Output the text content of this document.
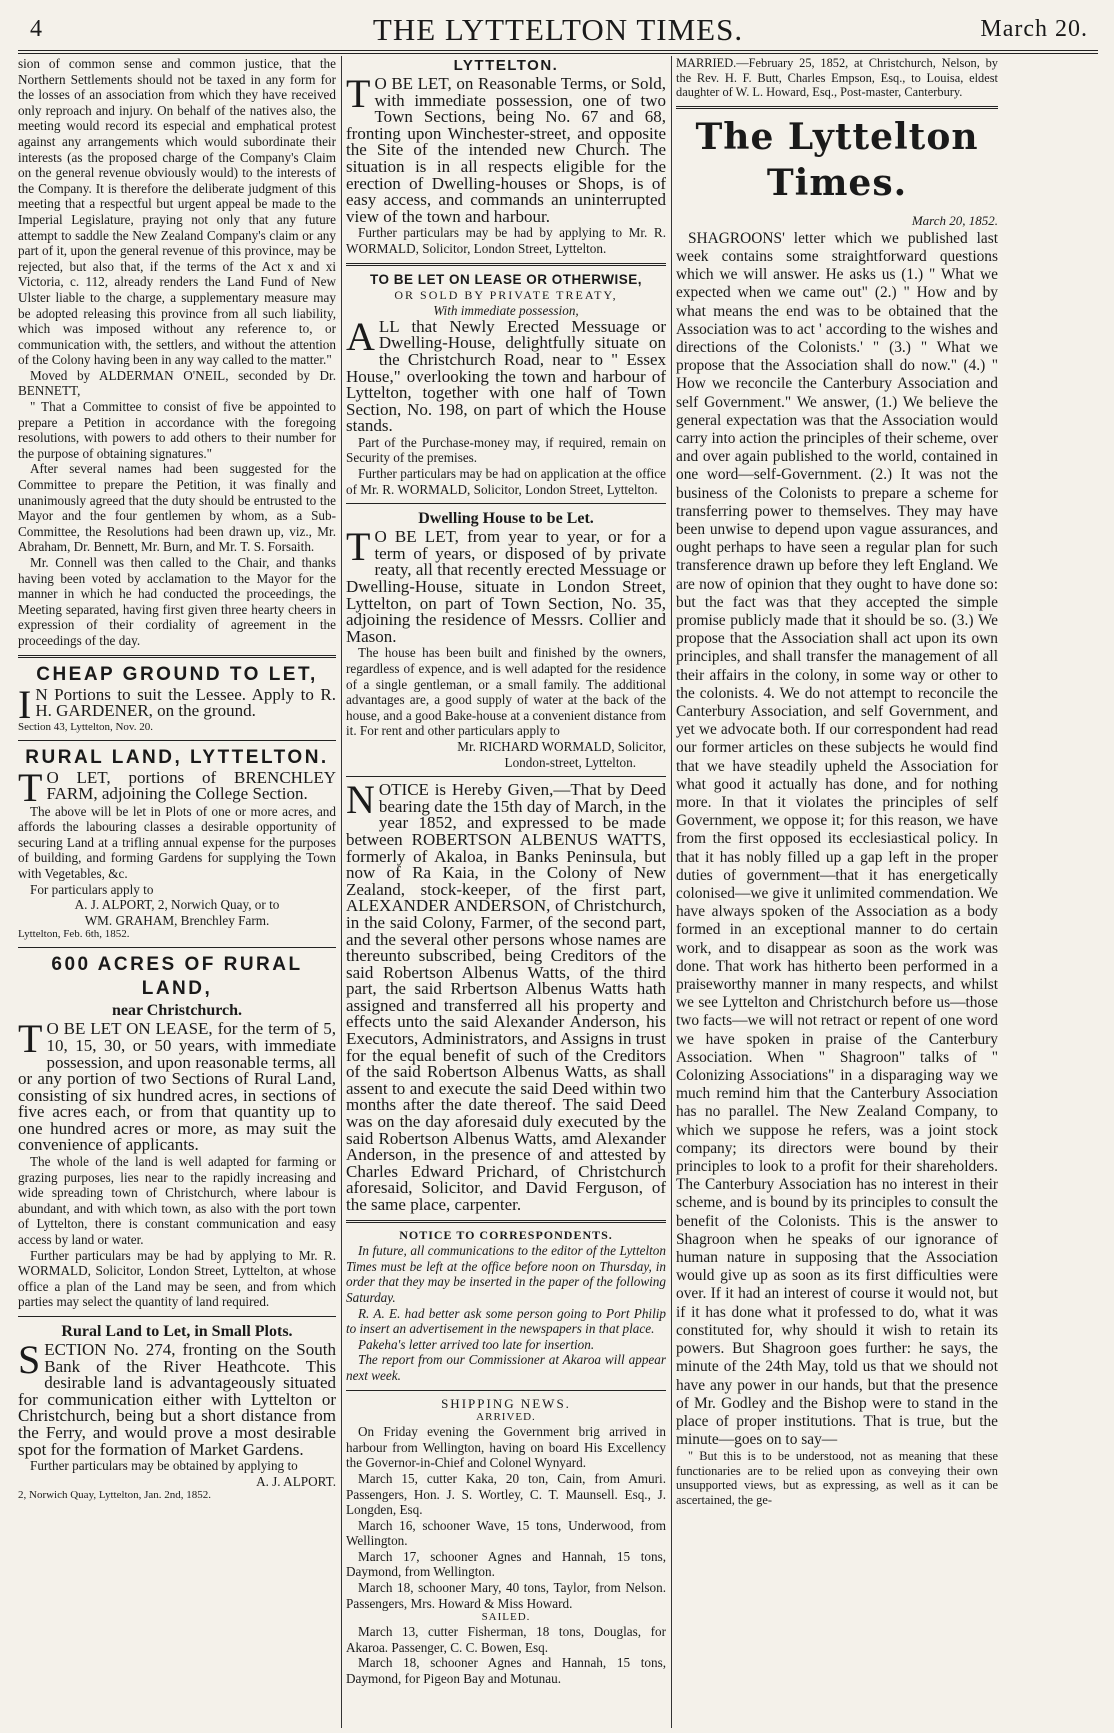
4	THE LYTTELTON TIMES.	March 20.

sion of common sense and common justice, that the Northern Settlements should not be taxed in any form for the losses of an association from which they have received only reproach and injury. On behalf of the natives also, the meeting would record its especial and emphatical protest against any arrangements which would subordinate their interests (as the proposed charge of the Company's Claim on the general revenue obviously would) to the interests of the Company. It is therefore the deliberate judgment of this meeting that a respectful but urgent appeal be made to the Imperial Legislature, praying not only that any future attempt to saddle the New Zealand Company's claim or any part of it, upon the general revenue of this province, may be rejected, but also that, if the terms of the Act x and xi Victoria, c. 112, already renders the Land Fund of New Ulster liable to the charge, a supplementary measure may be adopted releasing this province from all such liability, which was imposed without any reference to, or communication with, the settlers, and without the attention of the Colony having been in any way called to the matter."

Moved by ALDERMAN O'NEIL, seconded by Dr. BENNETT,

" That a Committee to consist of five be appointed to prepare a Petition in accordance with the foregoing resolutions, with powers to add others to their number for the purpose of obtaining signatures."

After several names had been suggested for the Committee to prepare the Petition, it was finally and unanimously agreed that the duty should be entrusted to the Mayor and the four gentlemen by whom, as a Sub-Committee, the Resolutions had been drawn up, viz., Mr. Abraham, Dr. Bennett, Mr. Burn, and Mr. T. S. Forsaith.

Mr. Connell was then called to the Chair, and thanks having been voted by acclamation to the Mayor for the manner in which he had conducted the proceedings, the Meeting separated, having first given three hearty cheers in expression of their cordiality of agreement in the proceedings of the day.

CHEAP GROUND TO LET,

I N Portions to suit the Lessee. Apply to R. H. GARDENER, on the ground.

Section 43, Lyttelton, Nov. 20.
RURAL LAND, LYTTELTON.

T O LET, portions of BRENCHLEY FARM, adjoining the College Section.

The above will be let in Plots of one or more acres, and affords the labouring classes a desirable opportunity of securing Land at a trifling annual expense for the purposes of building, and forming Gardens for supplying the Town with Vegetables, &c.

For particulars apply to

A. J. ALPORT, 2, Norwich Quay, or to
WM. GRAHAM, Brenchley Farm.
Lyttelton, Feb. 6th, 1852.
600 ACRES OF RURAL LAND,
near Christchurch.

T O BE LET ON LEASE, for the term of 5, 10, 15, 30, or 50 years, with immediate possession, and upon reasonable terms, all or any portion of two Sections of Rural Land, consisting of six hundred acres, in sections of five acres each, or from that quantity up to one hundred acres or more, as may suit the convenience of applicants.

The whole of the land is well adapted for farming or grazing purposes, lies near to the rapidly increasing and wide spreading town of Christchurch, where labour is abundant, and with which town, as also with the port town of Lyttelton, there is constant communication and easy access by land or water.

Further particulars may be had by applying to Mr. R. WORMALD, Solicitor, London Street, Lyttelton, at whose office a plan of the Land may be seen, and from which parties may select the quantity of land required.

Rural Land to Let, in Small Plots.

SECTION No. 274, fronting on the South Bank of the River Heathcote. This desirable land is advantageously situated for communication either with Lyttelton or Christchurch, being but a short distance from the Ferry, and would prove a most desirable spot for the formation of Market Gardens.

Further particulars may be obtained by applying to

A. J. ALPORT.
2, Norwich Quay, Lyttelton, Jan. 2nd, 1852.
LYTTELTON.

T O BE LET, on Reasonable Terms, or Sold, with immediate possession, one of two Town Sections, being No. 67 and 68, fronting upon Winchester-street, and opposite the Site of the intended new Church. The situation is in all respects eligible for the erection of Dwelling-houses or Shops, is of easy access, and commands an uninterrupted view of the town and harbour.

Further particulars may be had by applying to Mr. R. WORMALD, Solicitor, London Street, Lyttelton.

TO BE LET ON LEASE OR OTHERWISE,
OR SOLD BY PRIVATE TREATY,
With immediate possession,

ALL that Newly Erected Messuage or Dwelling-House, delightfully situate on the Christchurch Road, near to " Essex House," overlooking the town and harbour of Lyttelton, together with one half of Town Section, No. 198, on part of which the House stands.

Part of the Purchase-money may, if required, remain on Security of the premises.

Further particulars may be had on application at the office of Mr. R. WORMALD, Solicitor, London Street, Lyttelton.

Dwelling House to be Let.

T O BE LET, from year to year, or for a term of years, or disposed of by private reaty, all that recently erected Messuage or Dwelling-House, situate in London Street, Lyttelton, on part of Town Section, No. 35, adjoining the residence of Messrs. Collier and Mason.

The house has been built and finished by the owners, regardless of expence, and is well adapted for the residence of a single gentleman, or a small family. The additional advantages are, a good supply of water at the back of the house, and a good Bake-house at a convenient distance from it. For rent and other particulars apply to

Mr. RICHARD WORMALD, Solicitor,
London-street, Lyttelton.

NOTICE is Hereby Given,—That by Deed bearing date the 15th day of March, in the year 1852, and expressed to be made between ROBERTSON ALBENUS WATTS, formerly of Akaloa, in Banks Peninsula, but now of Ra Kaia, in the Colony of New Zealand, stock-keeper, of the first part, ALEXANDER ANDERSON, of Christchurch, in the said Colony, Farmer, of the second part, and the several other persons whose names are thereunto subscribed, being Creditors of the said Robertson Albenus Watts, of the third part, the said Rrbertson Albenus Watts hath assigned and transferred all his property and effects unto the said Alexander Anderson, his Executors, Administrators, and Assigns in trust for the equal benefit of such of the Creditors of the said Robertson Albenus Watts, as shall assent to and execute the said Deed within two months after the date thereof. The said Deed was on the day aforesaid duly executed by the said Robertson Albenus Watts, amd Alexander Anderson, in the presence of and attested by Charles Edward Prichard, of Christchurch aforesaid, Solicitor, and David Ferguson, of the same place, carpenter.

NOTICE TO CORRESPONDENTS.

In future, all communications to the editor of the Lyttelton Times must be left at the office before noon on Thursday, in order that they may be inserted in the paper of the following Saturday.

R. A. E. had better ask some person going to Port Philip to insert an advertisement in the newspapers in that place.

Pakeha's letter arrived too late for insertion.

The report from our Commissioner at Akaroa will appear next week.

SHIPPING NEWS.
ARRIVED.

On Friday evening the Government brig arrived in harbour from Wellington, having on board His Excellency the Governor-in-Chief and Colonel Wynyard.

March 15, cutter Kaka, 20 ton, Cain, from Amuri. Passengers, Hon. J. S. Wortley, C. T. Maunsell. Esq., J. Longden, Esq.

March 16, schooner Wave, 15 tons, Underwood, from Wellington.

March 17, schooner Agnes and Hannah, 15 tons, Daymond, from Wellington.

March 18, schooner Mary, 40 tons, Taylor, from Nelson. Passengers, Mrs. Howard & Miss Howard.

SAILED.

March 13, cutter Fisherman, 18 tons, Douglas, for Akaroa. Passenger, C. C. Bowen, Esq.

March 18, schooner Agnes and Hannah, 15 tons, Daymond, for Pigeon Bay and Motunau.

MARRIED.—February 25, 1852, at Christchurch, Nelson, by the Rev. H. F. Butt, Charles Empson, Esq., to Louisa, eldest daughter of W. L. Howard, Esq., Post-master, Canterbury.

The Lyttelton Times.
March 20, 1852.

SHAGROONS' letter which we published last week contains some straightforward questions which we will answer. He asks us (1.) " What we expected when we came out" (2.) " How and by what means the end was to be obtained that the Association was to act ' according to the wishes and directions of the Colonists.' " (3.) " What we propose that the Association shall do now." (4.) " How we reconcile the Canterbury Association and self Government." We answer, (1.) We believe the general expectation was that the Association would carry into action the principles of their scheme, over and over again published to the world, contained in one word—self-Government. (2.) It was not the business of the Colonists to prepare a scheme for transferring power to themselves. They may have been unwise to depend upon vague assurances, and ought perhaps to have seen a regular plan for such transference drawn up before they left England. We are now of opinion that they ought to have done so: but the fact was that they accepted the simple promise publicly made that it should be so. (3.) We propose that the Association shall act upon its own principles, and shall transfer the management of all their affairs in the colony, in some way or other to the colonists. 4. We do not attempt to reconcile the Canterbury Association, and self Government, and yet we advocate both. If our correspondent had read our former articles on these subjects he would find that we have steadily upheld the Association for what good it actually has done, and for nothing more. In that it violates the principles of self Government, we oppose it; for this reason, we have from the first opposed its ecclesiastical policy. In that it has nobly filled up a gap left in the proper duties of government—that it has energetically colonised—we give it unlimited commendation. We have always spoken of the Association as a body formed in an exceptional manner to do certain work, and to disappear as soon as the work was done. That work has hitherto been performed in a praiseworthy manner in many respects, and whilst we see Lyttelton and Christchurch before us—those two facts—we will not retract or repent of one word we have spoken in praise of the Canterbury Association. When " Shagroon" talks of " Colonizing Associations" in a disparaging way we much remind him that the Canterbury Association has no parallel. The New Zealand Company, to which we suppose he refers, was a joint stock company; its directors were bound by their principles to look to a profit for their shareholders. The Canterbury Association has no interest in their scheme, and is bound by its principles to consult the benefit of the Colonists. This is the answer to Shagroon when he speaks of our ignorance of human nature in supposing that the Association would give up as soon as its first difficulties were over. If it had an interest of course it would not, but if it has done what it professed to do, what it was constituted for, why should it wish to retain its powers. But Shagroon goes further: he says, the minute of the 24th May, told us that we should not have any power in our hands, but that the presence of Mr. Godley and the Bishop were to stand in the place of proper institutions. That is true, but the minute—goes on to say—

" But this is to be understood, not as meaning that these functionaries are to be relied upon as conveying their own unsupported views, but as expressing, as well as it can be ascertained, the ge-
